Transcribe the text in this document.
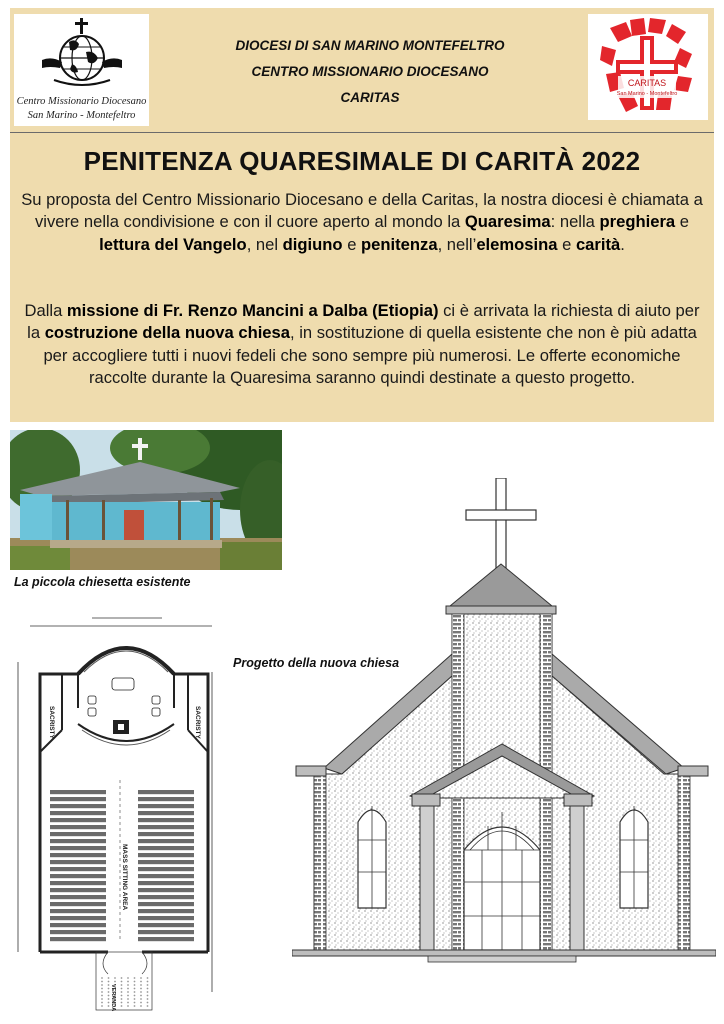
Centro Missionario Diocesano
San Marino - Montefeltro
DIOCESI DI SAN MARINO MONTEFELTRO
CENTRO MISSIONARIO DIOCESANO
CARITAS
CARITAS
San Marino - Montefeltro
PENITENZA QUARESIMALE DI CARITÀ 2022
Su proposta del Centro Missionario Diocesano e della Caritas, la nostra diocesi è chiamata a vivere nella condivisione e con il cuore aperto al mondo la Quaresima: nella preghiera e lettura del Vangelo, nel digiuno e penitenza, nell’elemosina e carità.
Dalla missione di Fr. Renzo Mancini a Dalba (Etiopia) ci è arrivata la richiesta di aiuto per la costruzione della nuova chiesa, in sostituzione di quella esistente che non è più adatta per accogliere tutti i nuovi fedeli che sono sempre più numerosi. Le offerte economiche raccolte durante la Quaresima saranno quindi destinate a questo progetto.
La piccola chiesetta esistente
SACRISTY	SACRISTY
MASS SITTING AREA
VERANDA
Progetto della nuova chiesa
